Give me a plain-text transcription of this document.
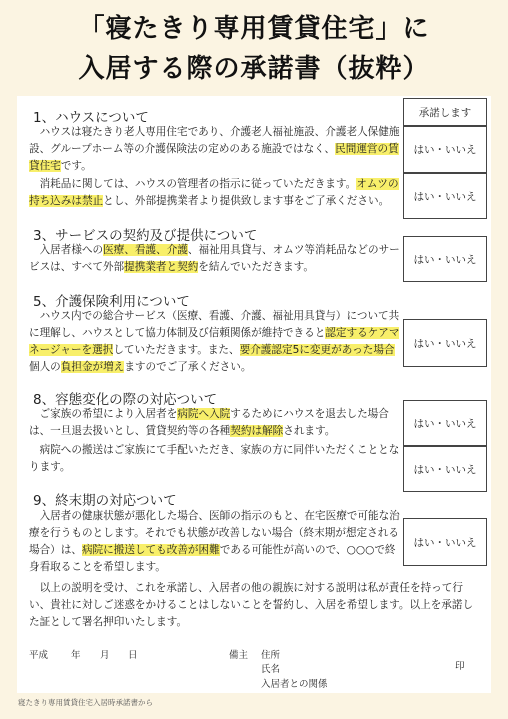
「寝たきり専用賃貸住宅」に
入居する際の承諾書（抜粋）
1、ハウスについて
　ハウスは寝たきり老人専用住宅であり、介護老人福祉施設、介護老人保健施設、グループホーム等の介護保険法の定めのある施設ではなく、民間運営の賃貸住宅です。
　消耗品に関しては、ハウスの管理者の指示に従っていただきます。オムツの持ち込みは禁止とし、外部提携業者より提供致します事をご了承ください。
承諾します
はい・いいえ
はい・いいえ
3、サービスの契約及び提供について
　入居者様への医療、看護、介護、福祉用具貸与、オムツ等消耗品などのサービスは、すべて外部提携業者と契約を結んでいただきます。
はい・いいえ
5、介護保険利用について
　ハウス内での総合サービス（医療、看護、介護、福祉用具貸与）について共に理解し、ハウスとして協力体制及び信頼関係が維持できると認定するケアマネージャーを選択していただきます。また、要介護認定5に変更があった場合個人の負担金が増えますのでご了承ください。
はい・いいえ
8、容態変化の際の対応ついて
　ご家族の希望により入居者を病院へ入院するためにハウスを退去した場合は、一旦退去扱いとし、賃貸契約等の各種契約は解除されます。
　病院への搬送はご家族にて手配いただき、家族の方に同伴いただくこととなります。
はい・いいえ
はい・いいえ
9、終末期の対応ついて
　入居者の健康状態が悪化した場合、医師の指示のもと、在宅医療で可能な治療を行うものとします。それでも状態が改善しない場合（終末期が想定される場合）は、病院に搬送しても改善が困難である可能性が高いので、○○○で終身看取ることを希望します。
はい・いいえ
　以上の説明を受け、これを承諾し、入居者の他の親族に対する説明は私が責任を持って行い、貴社に対しご迷惑をかけることはしないことを誓約し、入居を希望します。以上を承諾した証として署名押印いたします。
平成 年 月 日	備主 住所
氏名
入居者との関係
印
寝たきり専用賃貸住宅入居時承諾書から
